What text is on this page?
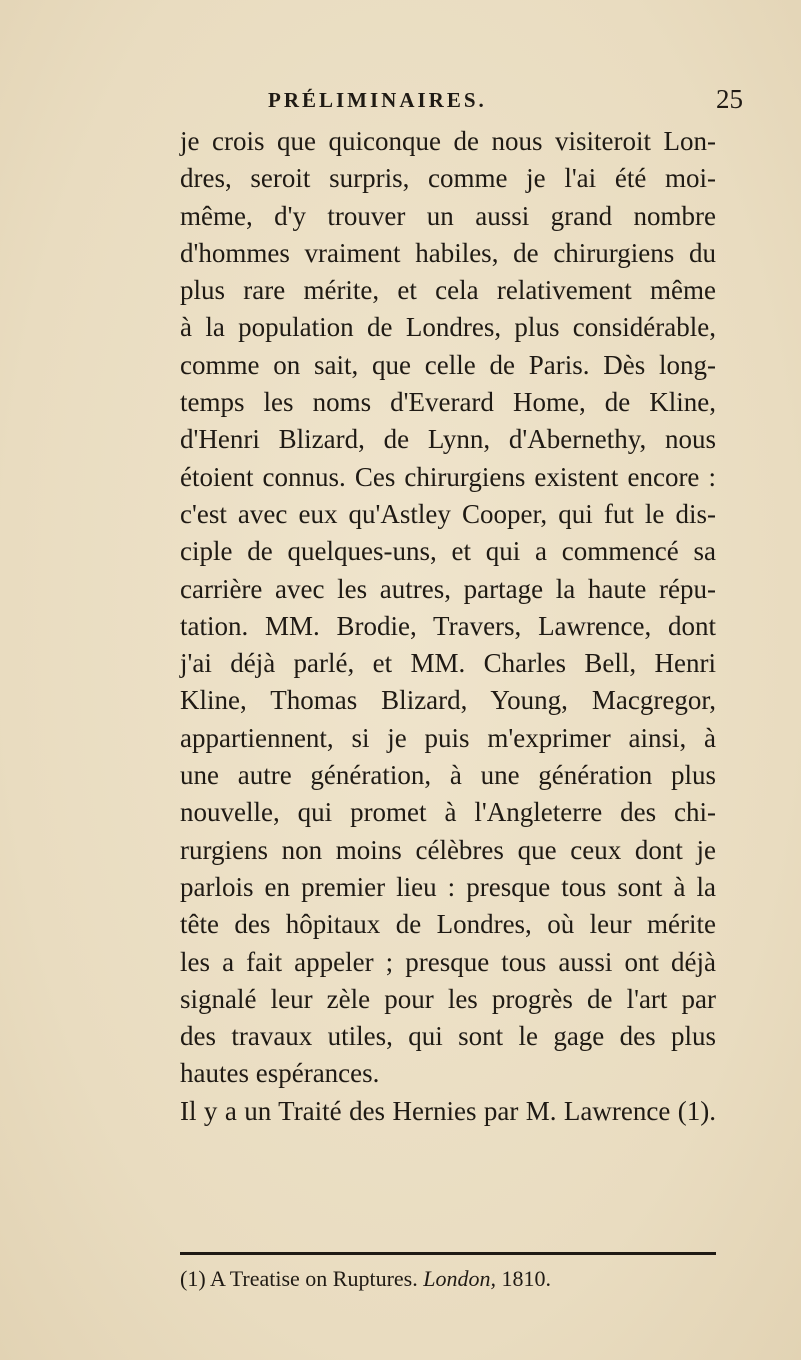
PRÉLIMINAIRES.	25
je crois que quiconque de nous visiteroit Lon-
dres, seroit surpris, comme je l'ai été moi-
même, d'y trouver un aussi grand nombre
d'hommes vraiment habiles, de chirurgiens du
plus rare mérite, et cela relativement même
à la population de Londres, plus considérable,
comme on sait, que celle de Paris. Dès long-
temps les noms d'Everard Home, de Kline,
d'Henri Blizard, de Lynn, d'Abernethy, nous
étoient connus. Ces chirurgiens existent encore :
c'est avec eux qu'Astley Cooper, qui fut le dis-
ciple de quelques-uns, et qui a commencé sa
carrière avec les autres, partage la haute répu-
tation. MM. Brodie, Travers, Lawrence, dont
j'ai déjà parlé, et MM. Charles Bell, Henri
Kline, Thomas Blizard, Young, Macgregor,
appartiennent, si je puis m'exprimer ainsi, à
une autre génération, à une génération plus
nouvelle, qui promet à l'Angleterre des chi-
rurgiens non moins célèbres que ceux dont je
parlois en premier lieu : presque tous sont à la
tête des hôpitaux de Londres, où leur mérite
les a fait appeler ; presque tous aussi ont déjà
signalé leur zèle pour les progrès de l'art par
des travaux utiles, qui sont le gage des plus
hautes espérances.
Il y a un Traité des Hernies par M. Lawrence (1).
(1) A Treatise on Ruptures. London, 1810.
